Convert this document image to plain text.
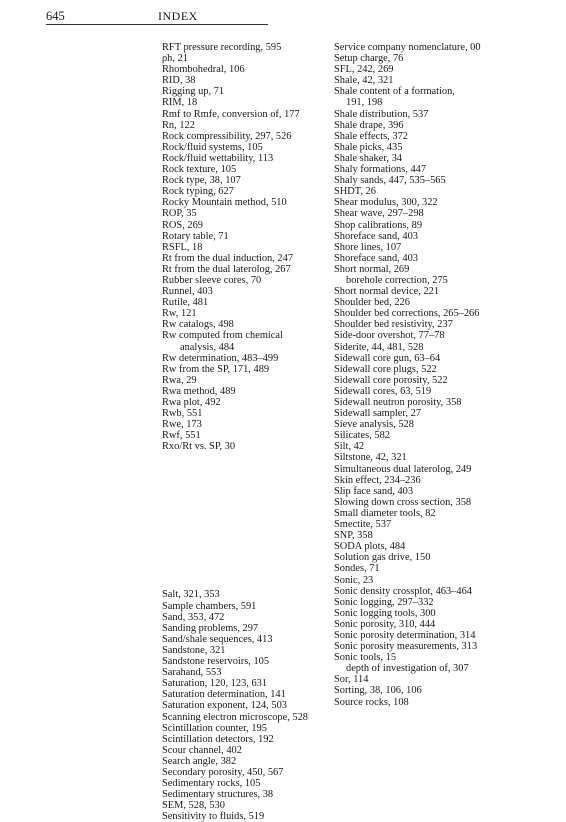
645	INDEX
RFT pressure recording, 595
ρh, 21
Rhombohedral, 106
RID, 38
Rigging up, 71
RIM, 18
Rmf to Rmfe, conversion of, 177
Rn, 122
Rock compressibility, 297, 526
Rock/fluid systems, 105
Rock/fluid wettability, 113
Rock texture, 105
Rock type, 38, 107
Rock typing, 627
Rocky Mountain method, 510
ROP, 35
ROS, 269
Rotary table, 71
RSFL, 18
Rt from the dual induction, 247
Rt from the dual laterolog, 267
Rubber sleeve cores, 70
Runnel, 403
Rutile, 481
Rw, 121
Rw catalogs, 498
Rw computed from chemical
analysis, 484
Rw determination, 483–499
Rw from the SP, 171, 489
Rwa, 29
Rwa method, 489
Rwa plot, 492
Rwb, 551
Rwe, 173
Rwf, 551
Rxo/Rt vs. SP, 30
Salt, 321, 353
Sample chambers, 591
Sand, 353, 472
Sanding problems, 297
Sand/shale sequences, 413
Sandstone, 321
Sandstone reservoirs, 105
Sarahand, 553
Saturation, 120, 123, 631
Saturation determination, 141
Saturation exponent, 124, 503
Scanning electron microscope, 528
Scintillation counter, 195
Scintillation detectors, 192
Scour channel, 402
Search angle, 382
Secondary porosity, 450, 567
Sedimentary rocks, 105
Sedimentary structures, 38
SEM, 528, 530
Sensitivity to fluids, 519
Service company nomenclature, 00
Setup charge, 76
SFL, 242, 269
Shale, 42, 321
Shale content of a formation,
191, 198
Shale distribution, 537
Shale drape, 396
Shale effects, 372
Shale picks, 435
Shale shaker, 34
Shaly formations, 447
Shaly sands, 447, 535–565
SHDT, 26
Shear modulus, 300, 322
Shear wave, 297–298
Shop calibrations, 89
Shoreface sand, 403
Shore lines, 107
Shoreface sand, 403
Short normal, 269
borehole correction, 275
Short normal device, 221
Shoulder bed, 226
Shoulder bed corrections, 265–266
Shoulder bed resistivity, 237
Side-door overshot, 77–78
Siderite, 44, 481, 528
Sidewall core gun, 63–64
Sidewall core plugs, 522
Sidewall core porosity, 522
Sidewall cores, 63, 519
Sidewall neutron porosity, 358
Sidewall sampler, 27
Sieve analysis, 528
Silicates, 582
Silt, 42
Siltstone, 42, 321
Simultaneous dual laterolog, 249
Skin effect, 234–236
Slip face sand, 403
Slowing down cross section, 358
Small diameter tools, 82
Smectite, 537
SNP, 358
SODA plots, 484
Solution gas drive, 150
Sondes, 71
Sonic, 23
Sonic density crossplot, 463–464
Sonic logging, 297–332
Sonic logging tools, 300
Sonic porosity, 310, 444
Sonic porosity determination, 314
Sonic porosity measurements, 313
Sonic tools, 15
depth of investigation of, 307
Sor, 114
Sorting, 38, 106, 106
Source rocks, 108
